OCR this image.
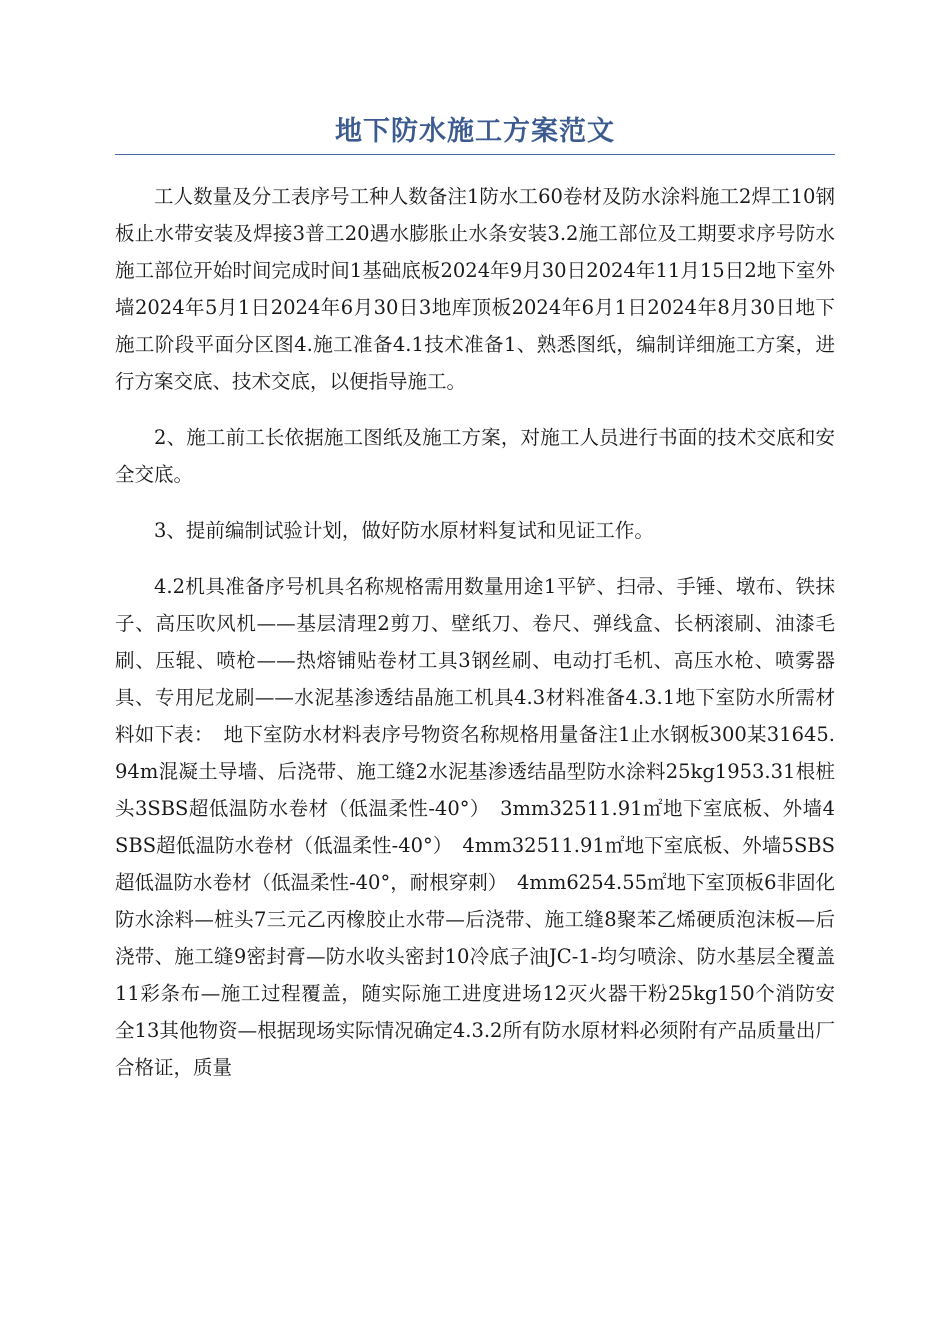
地下防水施工方案范文

工人数量及分工表序号工种人数备注1防水工60卷材及防水涂料施工2焊工10钢板止水带安装及焊接3普工20遇水膨胀止水条安装3.2施工部位及工期要求序号防水施工部位开始时间完成时间1基础底板2024年9月30日2024年11月15日2地下室外墙2024年5月1日2024年6月30日3地库顶板2024年6月1日2024年8月30日地下施工阶段平面分区图4.施工准备4.1技术准备1、熟悉图纸，编制详细施工方案，进行方案交底、技术交底，以便指导施工。

2、施工前工长依据施工图纸及施工方案，对施工人员进行书面的技术交底和安全交底。

3、提前编制试验计划，做好防水原材料复试和见证工作。

4.2机具准备序号机具名称规格需用数量用途1平铲、扫帚、手锤、墩布、铁抹子、高压吹风机——基层清理2剪刀、壁纸刀、卷尺、弹线盒、长柄滚刷、油漆毛刷、压辊、喷枪——热熔铺贴卷材工具3钢丝刷、电动打毛机、高压水枪、喷雾器具、专用尼龙刷——水泥基渗透结晶施工机具4.3材料准备4.3.1地下室防水所需材料如下表：　地下室防水材料表序号物资名称规格用量备注1止水钢板300某31645.94m混凝土导墙、后浇带、施工缝2水泥基渗透结晶型防水涂料25kg1953.31根桩头3SBS超低温防水卷材（低温柔性-40°）　3mm32511.91㎡地下室底板、外墙4SBS超低温防水卷材（低温柔性-40°）　4mm32511.91㎡地下室底板、外墙5SBS超低温防水卷材（低温柔性-40°，耐根穿刺）　4mm6254.55㎡地下室顶板6非固化防水涂料—桩头7三元乙丙橡胶止水带—后浇带、施工缝8聚苯乙烯硬质泡沫板—后浇带、施工缝9密封膏—防水收头密封10冷底子油JC-1-均匀喷涂、防水基层全覆盖11彩条布—施工过程覆盖，随实际施工进度进场12灭火器干粉25kg150个消防安全13其他物资—根据现场实际情况确定4.3.2所有防水原材料必须附有产品质量出厂合格证，质量
